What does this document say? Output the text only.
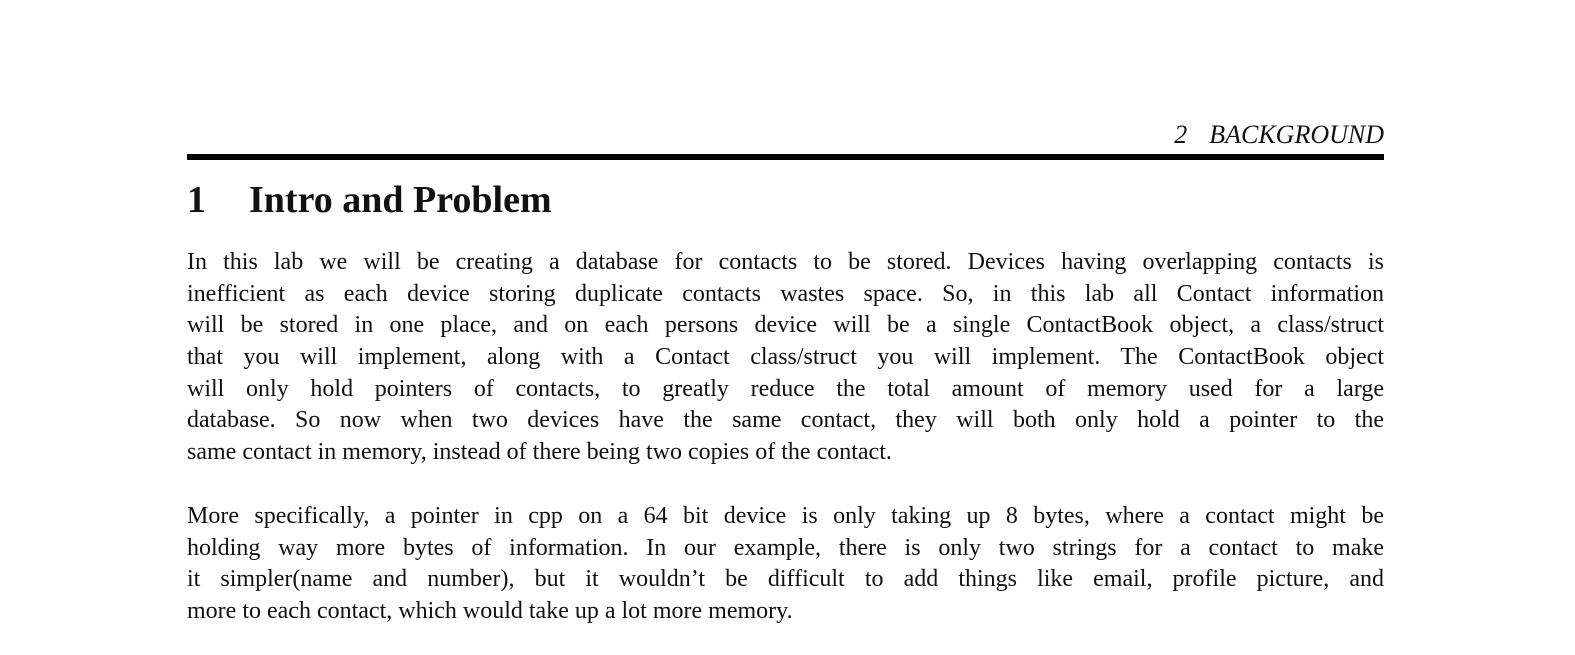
2 BACKGROUND
1 Intro and Problem
In this lab we will be creating a database for contacts to be stored. Devices having overlapping contacts is
inefficient as each device storing duplicate contacts wastes space. So, in this lab all Contact information
will be stored in one place, and on each persons device will be a single ContactBook object, a class/struct
that you will implement, along with a Contact class/struct you will implement. The ContactBook object
will only hold pointers of contacts, to greatly reduce the total amount of memory used for a large
database. So now when two devices have the same contact, they will both only hold a pointer to the
same contact in memory, instead of there being two copies of the contact.
More specifically, a pointer in cpp on a 64 bit device is only taking up 8 bytes, where a contact might be
holding way more bytes of information. In our example, there is only two strings for a contact to make
it simpler(name and number), but it wouldn’t be difficult to add things like email, profile picture, and
more to each contact, which would take up a lot more memory.
